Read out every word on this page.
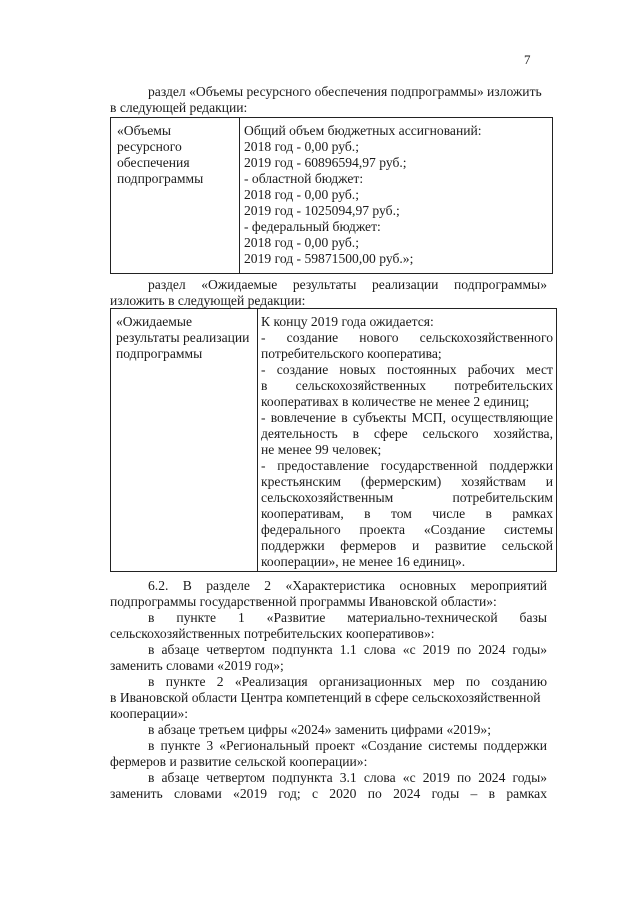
7
раздел «Объемы ресурсного обеспечения подпрограммы» изложить
в следующей редакции:
«Объемы
ресурсного
обеспечения
подпрограммы
Общий объем бюджетных ассигнований:
2018 год - 0,00 руб.;
2019 год - 60896594,97 руб.;
- областной бюджет:
2018 год - 0,00 руб.;
2019 год - 1025094,97 руб.;
- федеральный бюджет:
2018 год - 0,00 руб.;
2019 год - 59871500,00 руб.»;
раздел «Ожидаемые результаты реализации подпрограммы»
изложить в следующей редакции:
«Ожидаемые
результаты реализации
подпрограммы
К концу 2019 года ожидается:
- создание нового сельскохозяйственного
потребительского кооператива;
- создание новых постоянных рабочих мест
в сельскохозяйственных потребительских
кооперативах в количестве не менее 2 единиц;
- вовлечение в субъекты МСП, осуществляющие
деятельность в сфере сельского хозяйства,
не менее 99 человек;
- предоставление государственной поддержки
крестьянским (фермерским) хозяйствам и
сельскохозяйственным потребительским
кооперативам, в том числе в рамках
федерального проекта «Создание системы
поддержки фермеров и развитие сельской
кооперации», не менее 16 единиц».
6.2. В разделе 2 «Характеристика основных мероприятий
подпрограммы государственной программы Ивановской области»:
в пункте 1 «Развитие материально-технической базы
сельскохозяйственных потребительских кооперативов»:
в абзаце четвертом подпункта 1.1 слова «с 2019 по 2024 годы»
заменить словами «2019 год»;
в пункте 2 «Реализация организационных мер по созданию
в Ивановской области Центра компетенций в сфере сельскохозяйственной
кооперации»:
в абзаце третьем цифры «2024» заменить цифрами «2019»;
в пункте 3 «Региональный проект «Создание системы поддержки
фермеров и развитие сельской кооперации»:
в абзаце четвертом подпункта 3.1 слова «с 2019 по 2024 годы»
заменить словами «2019 год; с 2020 по 2024 годы – в рамках
